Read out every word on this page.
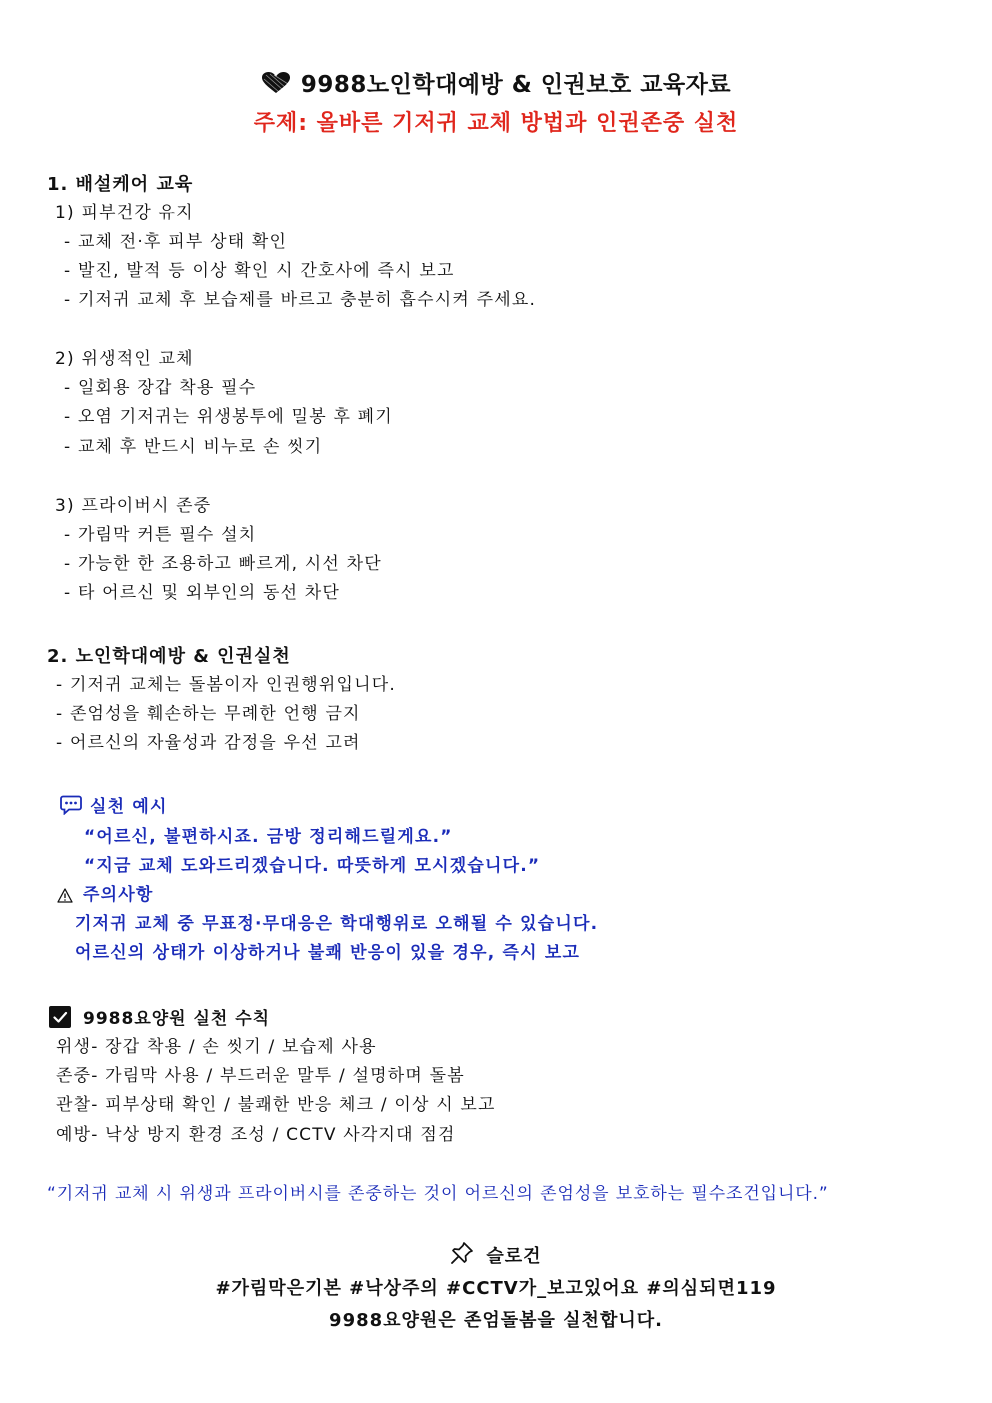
9988노인학대예방 & 인권보호 교육자료
주제: 올바른 기저귀 교체 방법과 인권존중 실천
1. 배설케어 교육
1) 피부건강 유지
- 교체 전·후 피부 상태 확인
- 발진, 발적 등 이상 확인 시 간호사에 즉시 보고
- 기저귀 교체 후 보습제를 바르고 충분히 흡수시켜 주세요.
2) 위생적인 교체
- 일회용 장갑 착용 필수
- 오염 기저귀는 위생봉투에 밀봉 후 폐기
- 교체 후 반드시 비누로 손 씻기
3) 프라이버시 존중
- 가림막 커튼 필수 설치
- 가능한 한 조용하고 빠르게, 시선 차단
- 타 어르신 및 외부인의 동선 차단
2. 노인학대예방 & 인권실천
- 기저귀 교체는 돌봄이자 인권행위입니다.
- 존엄성을 훼손하는 무례한 언행 금지
- 어르신의 자율성과 감정을 우선 고려
실천 예시
“어르신, 불편하시죠. 금방 정리해드릴게요.”
“지금 교체 도와드리겠습니다. 따뜻하게 모시겠습니다.”
주의사항
기저귀 교체 중 무표정·무대응은 학대행위로 오해될 수 있습니다.
어르신의 상태가 이상하거나 불쾌 반응이 있을 경우, 즉시 보고
9988요양원 실천 수칙
위생- 장갑 착용 / 손 씻기 / 보습제 사용
존중- 가림막 사용 / 부드러운 말투 / 설명하며 돌봄
관찰- 피부상태 확인 / 불쾌한 반응 체크 / 이상 시 보고
예방- 낙상 방지 환경 조성 / CCTV 사각지대 점검
“기저귀 교체 시 위생과 프라이버시를 존중하는 것이 어르신의 존엄성을 보호하는 필수조건입니다.”
슬로건
#가림막은기본 #낙상주의 #CCTV가_보고있어요 #의심되면119
9988요양원은 존엄돌봄을 실천합니다.
